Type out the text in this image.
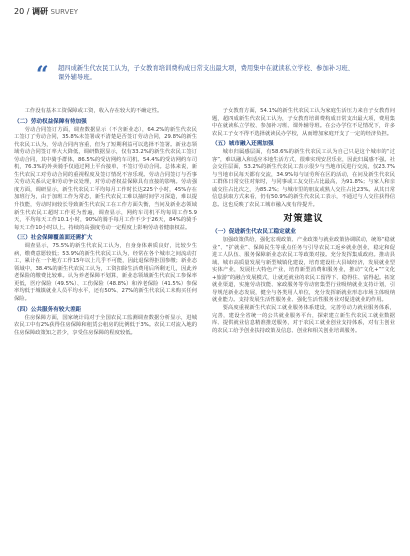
20 / 调研 SURVEY
“ 超四成新生代农民工认为，子女教育培训费构成日常支出最大项，费用集中在就读私立学校、参加补习班、课外辅导班。

工作没有基本工资保障或工资，收入存在较大的不确定性。

（二）劳动权益保障有待加强

劳动合同签订方面，调查数据显示（不含新业态），64.2%的新生代农民工签订了劳动合同，35.8%未签署或不清楚是否签订劳动合同，29.8%的新生代农民工认为，劳动合同内容重，但为了短期利益可以选择不签署。新业态领域劳动合同签订率大大降低，调研数据显示，仅有33.2%的新生代农民工签订劳动合同，其中骑手群体，86.5%的受访网约车司机、54.4%的受访网约车司机，76.3%的外卖骑手仅通过网上平台接单，不签订劳动合同。总体来说，新生代农民工对劳动合同的重视程度及签订情况不容乐观。劳动合同签订与否事关劳动关系认定和劳动争议处理，对劳动者权益保障具有直接的影响。劳动强度方面，调研显示，新生代农民工平均每月工作时长达225个小时，45%存在加班行为，由于加班工作为常态，新生代农民工难以抽时间学习深造，难以提升技能，劳动时间较长导致新生代农民工在工作方面失衡，当问及新业态领域新生代农民工超时工作更为普遍，调查显示，网约车司机平均每周工作5.9天，平均每天工作10.1小时，90%的骑手每月工作不少于26天，84%的骑手每天工作10小时以上。持续的高强度劳动一定程度上影响劳动者健康权益。

（三）社会保障覆盖面还需扩大

调查显示，75.5%的新生代农民工认为，自身身体素质良好，比较少生病，缴费意愿较低；53.9%的新生代农民工认为，经常在各个城市之间流动打工，累计在一个地方工作15年以上几乎不可能，因此退保得拒国参缴；新业态领域中，38.4%的新生代农民工认为，工资扣除生活费用后所剩无几，因此养老保险的缴费比较难。认为养老保障不划算，新业态领域新生代农民工参保率更低，医疗保险（49.5%）、工伤保险（48.8%）和养老保险（41.5%）参保率均低于城镇就业人员平均水平，还有50%、27%的新生代农民工未购买任何保险。

（四）公共服务有较大差距

住房保障方面，国家统计局对于全国农民工监测调查数据分析显示，进城农民工中有2%获得住房保障和租赁公租房的比例低于3%。农民工对流入地的住房保障政策知之甚少，享受住房保障的程度较低。

子女教育方面，54.1%的新生代农民工认为家庭生活压力来自子女教育问题，超四成新生代农民工认为，子女教育培训费构成日常支出最大项，费用集中在就读私立学校、参加补习班、课外辅导班。在公办学位不足情况下，许多农民工子女不得不选择就读民办学校，从而增加家庭开支了一定的经济负担。

（五）城市融入还需加强

城市归属感层面，有58.6%的新生代农民工认为自己只是这个城市的“过客”，难以融入和适应本地生活方式，很难实现安居乐业，因此归属感不强。社会交往层面，53.2%的新生代农民工表示很少与当地市民进行交流，仅23.7%与当地市民每天都有交流，34.9%每与证劳所在区的活动，在问及新生代农民工群体日常交往对象时，与同事或工友交往占比最高，为91.8%；与家人和亲戚交往占比次之，为85.2%；与城市里的朋友或熟人交往占比23%。从其日常信息获取方式来看，仍有50.9%的新生代农民工表示，不通过与人交往获得信息。这也反映了农民工城市融入度有待提升。

对策建议
（一）促进新生代农民工稳定就业

加强政策供给，强化宏观政策、产业政策与就业政策协调联动，统筹“稳就业”、“扩就业”、保障民生等重点任务与引导农民工返乡就业创业，稳定和促进工人队伍、服务保障新业态农民工等政策对接。充分发挥集成政府。推动县域、城市高质量发展与新型城镇化建设，培育建设壮大县域经济，发展就业型实体产业，发展壮大特色产业，培育新型消费和服务业，推动“文化+”“文化+旅游”的融合发展模式，让就近就业的农民工留得下、稳得住、富得起。拓宽就业渠道，实施劳动技能、家政服务等劳动密集型行业吸纳就业支持计划，引导规范新业态发展，健全与各类用人单位，充分发挥新就业形态市场主体吸纳就业能力。支持发展生活性服务业、强化生活性服务业对促进就业的作用。

要高度重视新生代农民工就业服务体系建设，完善劳动力就业服务体系，完善，建设全省统一的公共就业服务平台，探索建立新生代农民工就业数据库、提供就业信息精准推送服务，对于农民工就业创业支持体系，对有主创业的农民工给予创业扶持政策及信息、创业和相关创业培训服务。
